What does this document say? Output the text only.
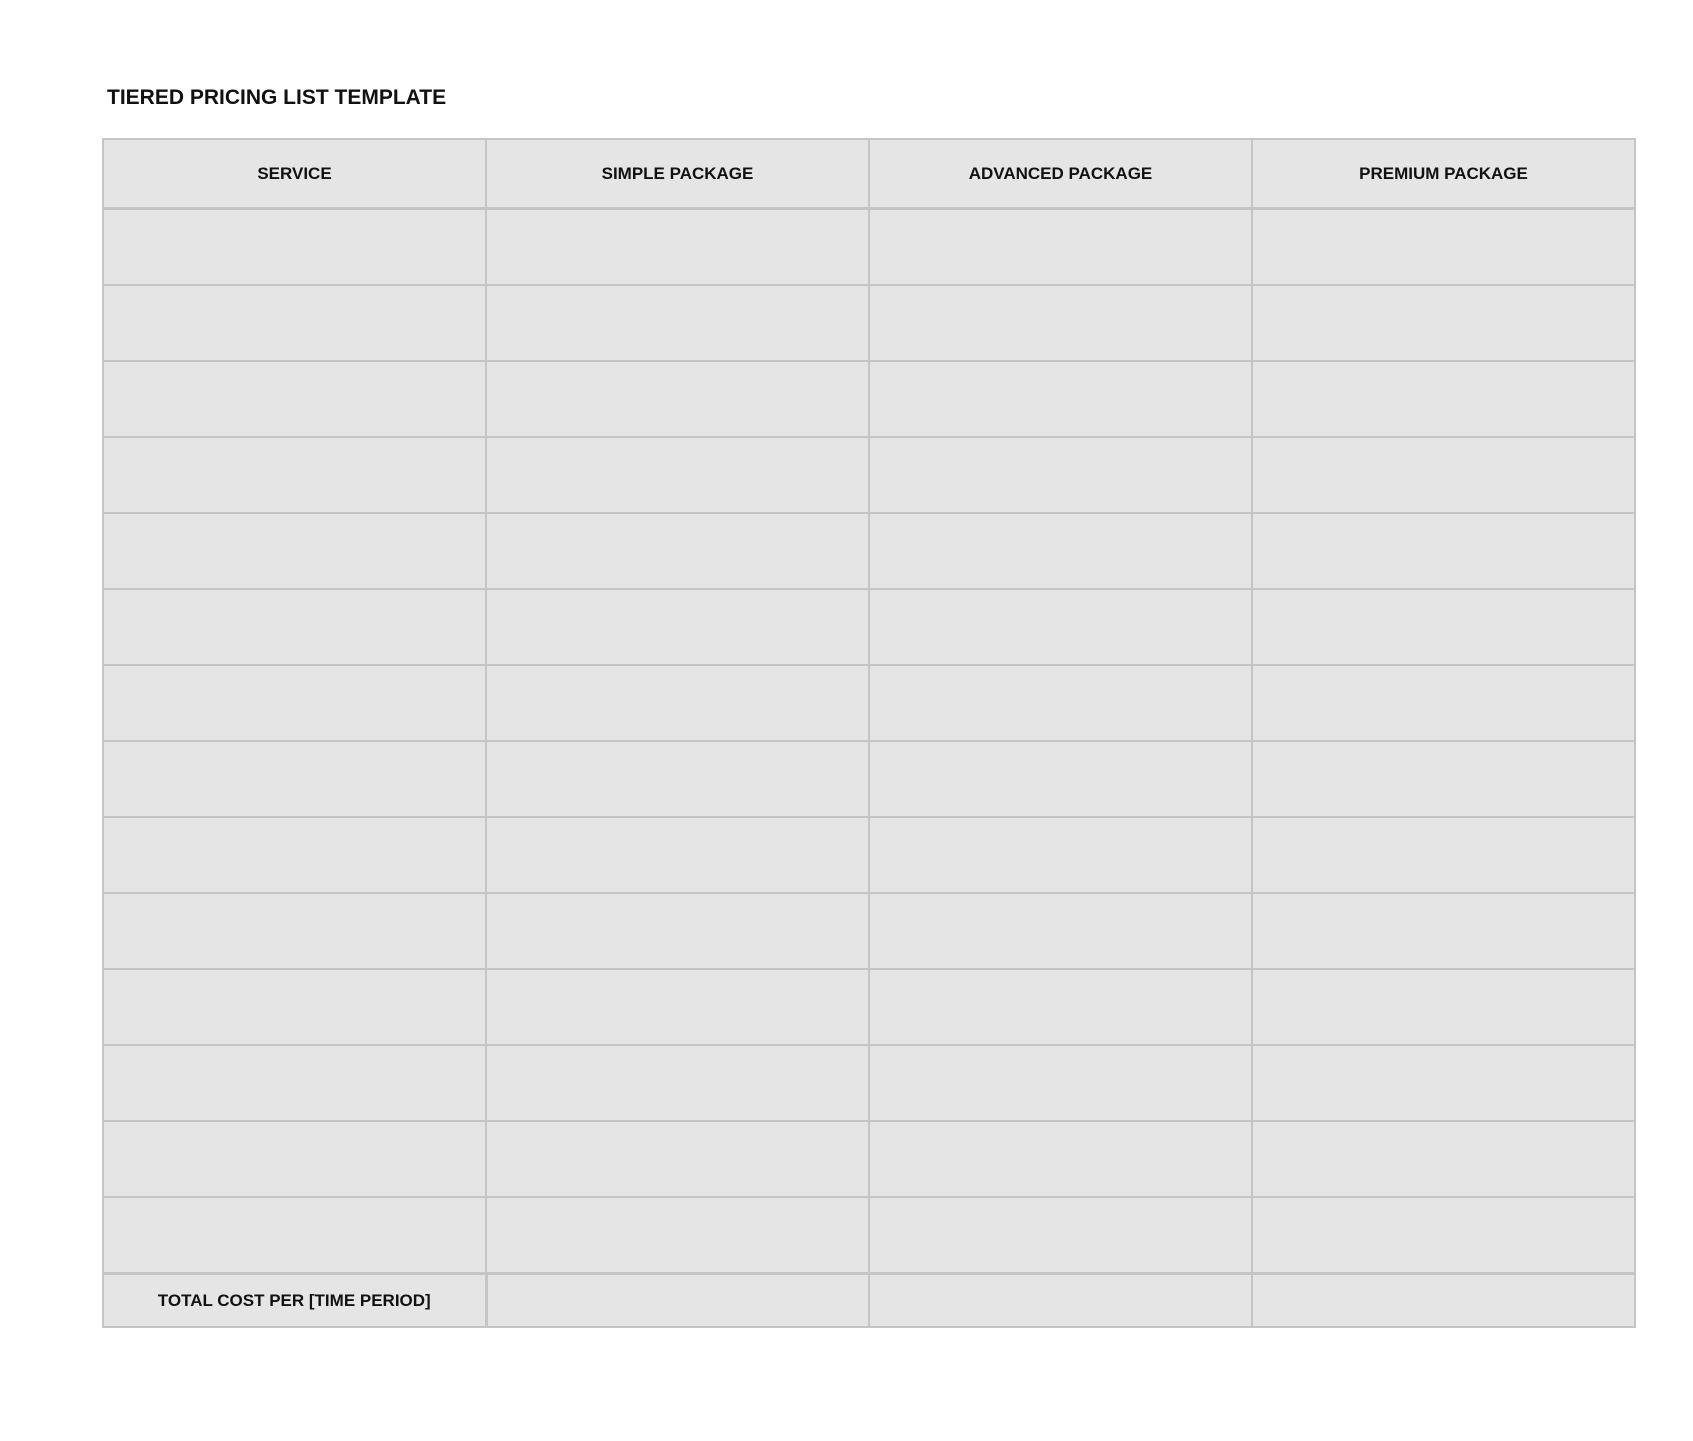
TIERED PRICING LIST TEMPLATE
SERVICE	SIMPLE PACKAGE	ADVANCED PACKAGE	PREMIUM PACKAGE

TOTAL COST PER [TIME PERIOD]			
